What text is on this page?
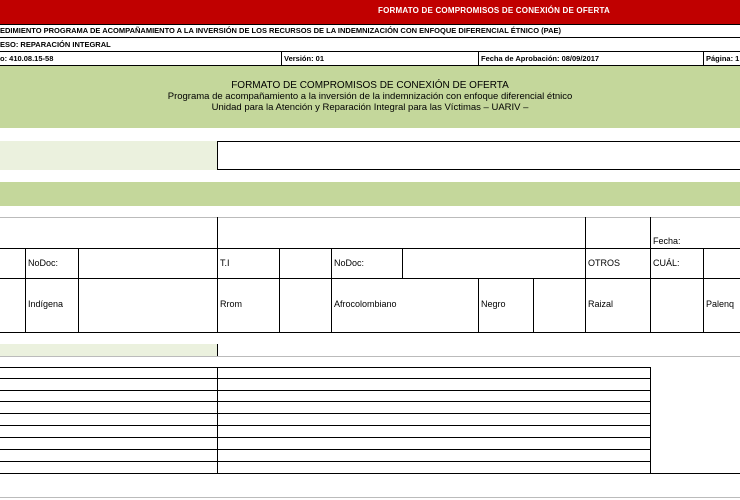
FORMATO DE COMPROMISOS DE CONEXIÓN DE OFERTA
EDIMIENTO PROGRAMA DE ACOMPAÑAMIENTO A LA INVERSIÓN DE LOS RECURSOS DE LA INDEMNIZACIÓN CON ENFOQUE DIFERENCIAL ÉTNICO (PAE)
ESO: REPARACIÓN INTEGRAL
o: 410.08.15-58	Versión: 01	Fecha de Aprobación: 08/09/2017	Página: 1
FORMATO DE COMPROMISOS DE CONEXIÓN DE OFERTA
Programa de acompañamiento a la inversión de la indemnización con enfoque diferencial étnico
Unidad para la Atención y Reparación Integral para las Víctimas – UARIV –
Fecha:
NoDoc:	T.I	NoDoc:	OTROS	CUÁL:
Indígena	Rrom	Afrocolombiano	Negro	Raizal	Palenq
